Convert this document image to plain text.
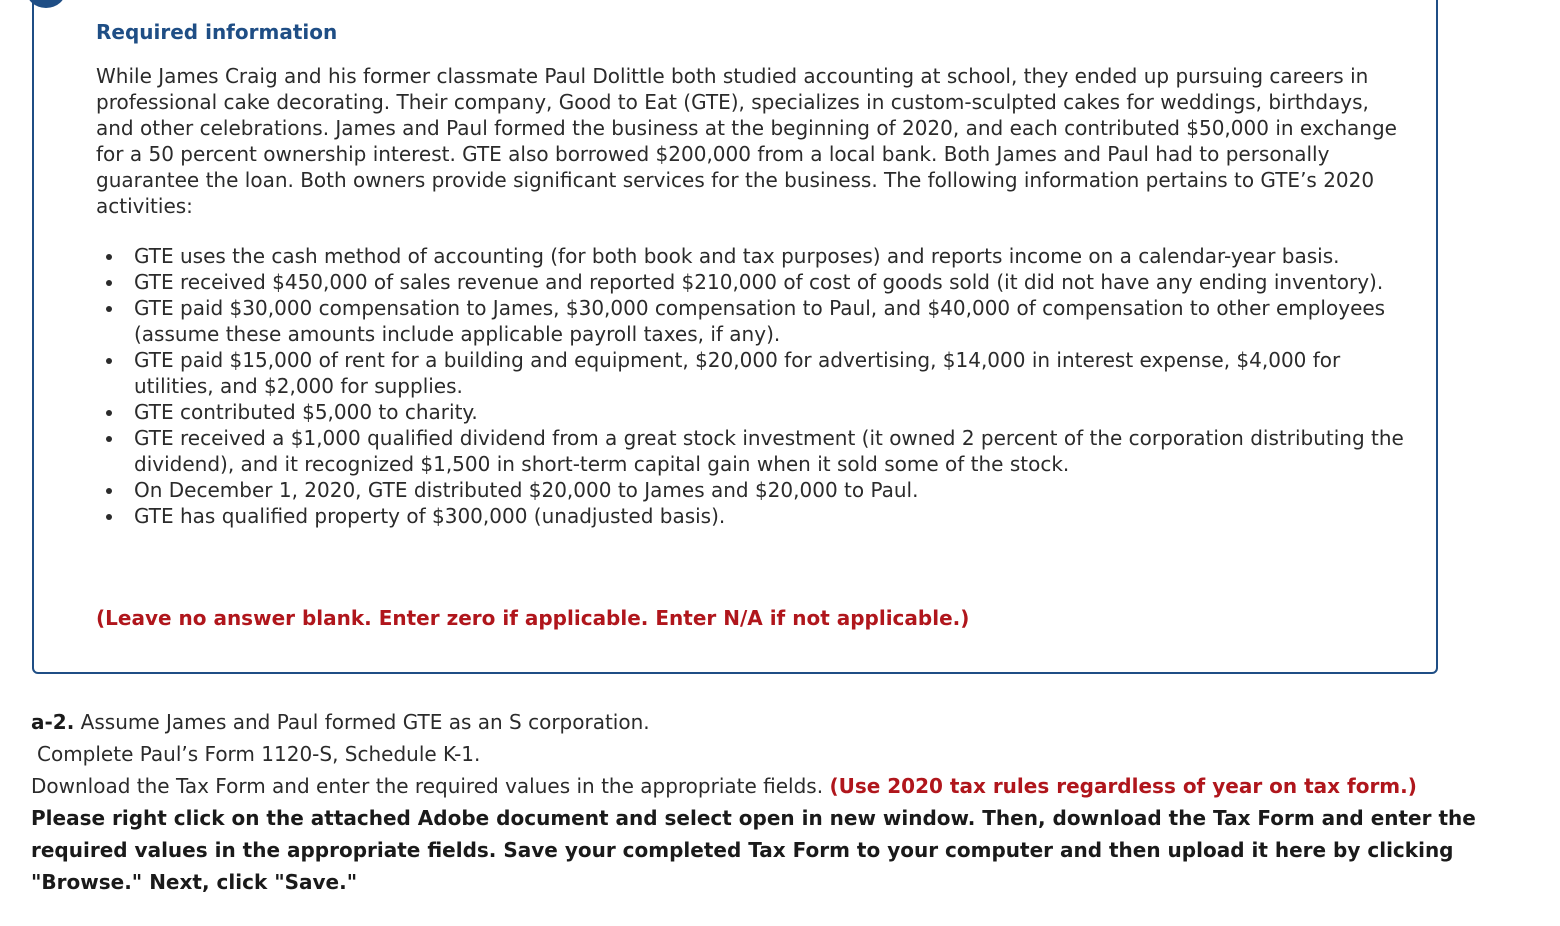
Required information

While James Craig and his former classmate Paul Dolittle both studied accounting at school, they ended up pursuing careers in professional cake decorating. Their company, Good to Eat (GTE), specializes in custom-sculpted cakes for weddings, birthdays, and other celebrations. James and Paul formed the business at the beginning of 2020, and each contributed $50,000 in exchange for a 50 percent ownership interest. GTE also borrowed $200,000 from a local bank. Both James and Paul had to personally guarantee the loan. Both owners provide significant services for the business. The following information pertains to GTE’s 2020 activities:

GTE uses the cash method of accounting (for both book and tax purposes) and reports income on a calendar-year basis.
GTE received $450,000 of sales revenue and reported $210,000 of cost of goods sold (it did not have any ending inventory).
GTE paid $30,000 compensation to James, $30,000 compensation to Paul, and $40,000 of compensation to other employees (assume these amounts include applicable payroll taxes, if any).
GTE paid $15,000 of rent for a building and equipment, $20,000 for advertising, $14,000 in interest expense, $4,000 for utilities, and $2,000 for supplies.
GTE contributed $5,000 to charity.
GTE received a $1,000 qualified dividend from a great stock investment (it owned 2 percent of the corporation distributing the dividend), and it recognized $1,500 in short-term capital gain when it sold some of the stock.
On December 1, 2020, GTE distributed $20,000 to James and $20,000 to Paul.
GTE has qualified property of $300,000 (unadjusted basis).

(Leave no answer blank. Enter zero if applicable. Enter N/A if not applicable.)

a-2. Assume James and Paul formed GTE as an S corporation.

Complete Paul’s Form 1120-S, Schedule K-1.

Download the Tax Form and enter the required values in the appropriate fields. (Use 2020 tax rules regardless of year on tax form.)

Please right click on the attached Adobe document and select open in new window. Then, download the Tax Form and enter the required values in the appropriate fields. Save your completed Tax Form to your computer and then upload it here by clicking "Browse." Next, click "Save."
